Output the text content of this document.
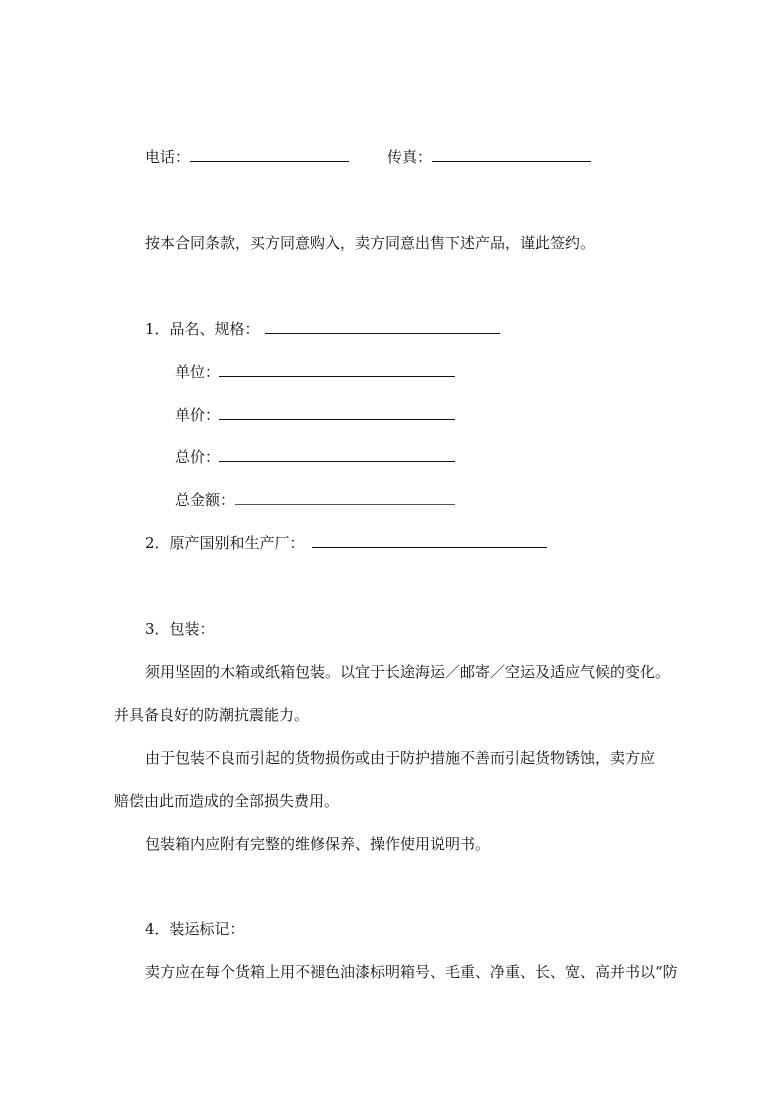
电话：	传真：
按本合同条款，买方同意购入，卖方同意出售下述产品，谨此签约。
1．品名、规格：
单位：
单价：
总价：
总金额：
2．原产国别和生产厂：
3．包装：
须用坚固的木箱或纸箱包装。以宜于长途海运／邮寄／空运及适应气候的变化。
并具备良好的防潮抗震能力。
由于包装不良而引起的货物损伤或由于防护措施不善而引起货物锈蚀，卖方应
赔偿由此而造成的全部损失费用。
包装箱内应附有完整的维修保养、操作使用说明书。
4．装运标记：
卖方应在每个货箱上用不褪色油漆标明箱号、毛重、净重、长、宽、高并书以“防
